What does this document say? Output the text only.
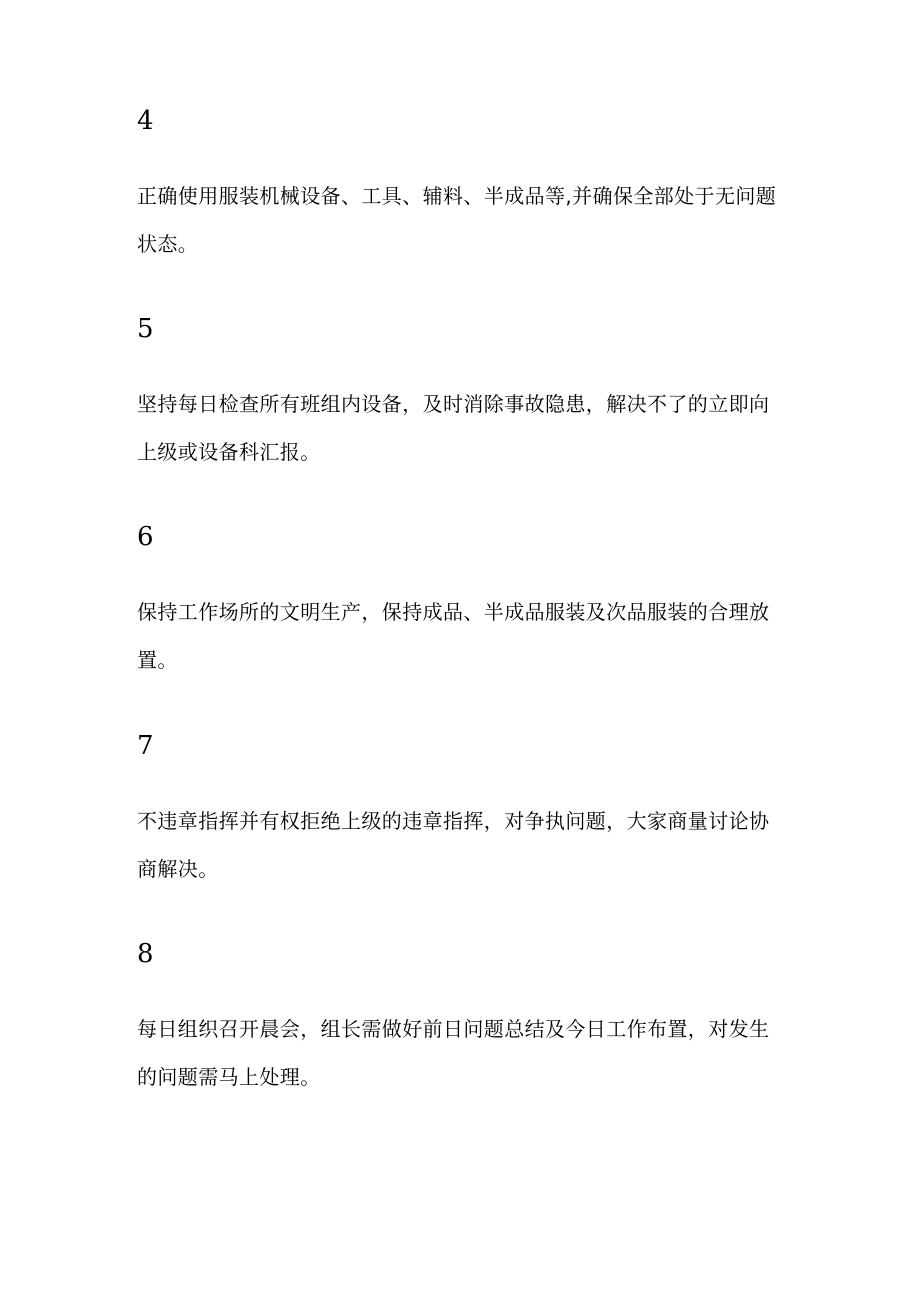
4

正确使用服装机械设备、工具、辅料、半成品等,并确保全部处于无问题状态。

5

坚持每日检查所有班组内设备，及时消除事故隐患，解决不了的立即向上级或设备科汇报。

6

保持工作场所的文明生产，保持成品、半成品服装及次品服装的合理放置。

7

不违章指挥并有权拒绝上级的违章指挥，对争执问题，大家商量讨论协商解决。

8

每日组织召开晨会，组长需做好前日问题总结及今日工作布置，对发生的问题需马上处理。
